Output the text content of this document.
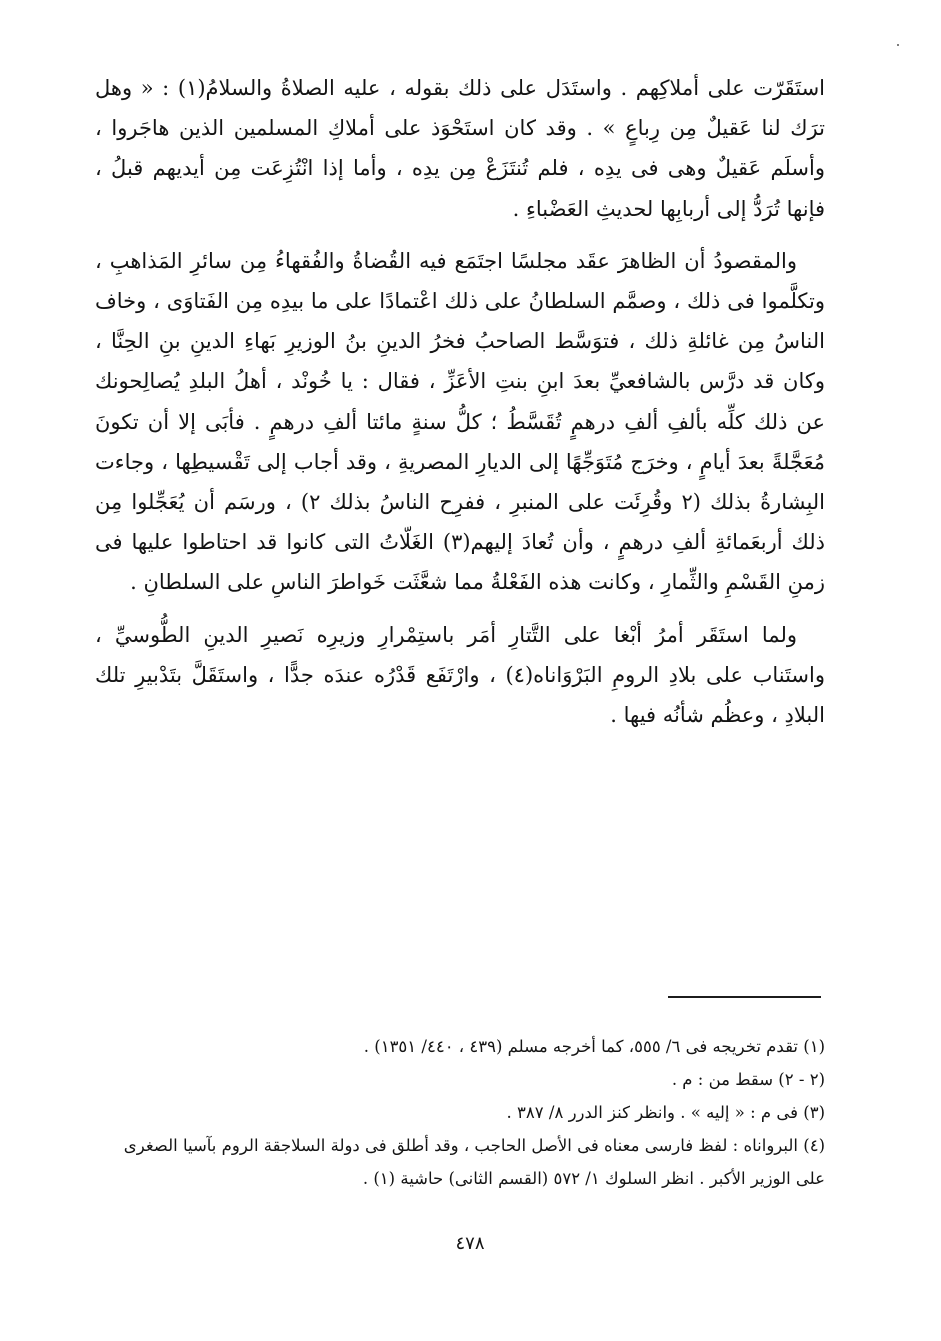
استَقَرّت على أملاكِهم . واستَدَل على ذلك بقوله ، عليه الصلاةُ والسلامُ(١) : « وهل ترَك لنا عَقيلٌ مِن رِباعٍ » . وقد كان استَحْوَذ على أملاكِ المسلمين الذين هاجَروا ، وأسلَم عَقيلٌ وهى فى يدِه ، فلم تُنتَزَعْ مِن يدِه ، وأما إذا انْتُزِعَت مِن أيديهم قبلُ ، فإنها تُرَدُّ إلى أربابِها لحديثِ العَضْباءِ .

والمقصودُ أن الظاهرَ عقَد مجلسًا اجتَمَع فيه القُضاةُ والفُقهاءُ مِن سائرِ المَذاهبِ ، وتكلَّموا فى ذلك ، وصمَّم السلطانُ على ذلك اعْتمادًا على ما بيدِه مِن الفَتاوَى ، وخاف الناسُ مِن غائلةِ ذلك ، فتوَسَّط الصاحبُ فخرُ الدينِ بنُ الوزيرِ بَهاءِ الدينِ بنِ الحِنَّا ، وكان قد درَّس بالشافعيِّ بعدَ ابنِ بنتِ الأعَزِّ ، فقال : يا خُونْد ، أهلُ البلدِ يُصالِحونك عن ذلك كلِّه بألفِ ألفِ درهمٍ تُقَسَّطُ ؛ كلُّ سنةٍ مائتا ألفِ درهمٍ . فأبَى إلا أن تكونَ مُعَجَّلةً بعدَ أيامٍ ، وخرَج مُتَوَجِّهًا إلى الديارِ المصريةِ ، وقد أجاب إلى تَقْسيطِها ، وجاءت البِشارةُ بذلك (٢ وقُرِئَت على المنبرِ ، ففرِح الناسُ بذلك ٢) ، ورسَم أن يُعَجِّلوا مِن ذلك أربعَمائةِ ألفِ درهمٍ ، وأن تُعادَ إليهم(٣) الغَلّاتُ التى كانوا قد احتاطوا عليها فى زمنِ القَسْمِ والثِّمارِ ، وكانت هذه الفَعْلةُ مما شعَّثَت خَواطرَ الناسِ على السلطانِ .

ولما استَقَر أمرُ أبْغا على التَّتارِ أمَر باستِمْرارِ وزيرِه نَصيرِ الدينِ الطُّوسيِّ ، واستَناب على بلادِ الرومِ البَرْوَاناه(٤) ، وارْتَفَع قَدْرُه عندَه جدًّا ، واستَقَلَّ بتَدْبيرِ تلك البلادِ ، وعظُم شأنُه فيها .

(١) تقدم تخريجه فى ٦/ ٥٥٥، كما أخرجه مسلم (٤٣٩ ، ٤٤٠/ ١٣٥١) .

(٢ - ٢) سقط من : م .

(٣) فى م : « إليه » . وانظر كنز الدرر ٨/ ٣٨٧ .

(٤) البرواناه : لفظ فارسى معناه فى الأصل الحاجب ، وقد أطلق فى دولة السلاجقة الروم بآسيا الصغرى على الوزير الأكبر . انظر السلوك ١/ ٥٧٢ (القسم الثانى) حاشية (١) .

٤٧٨
